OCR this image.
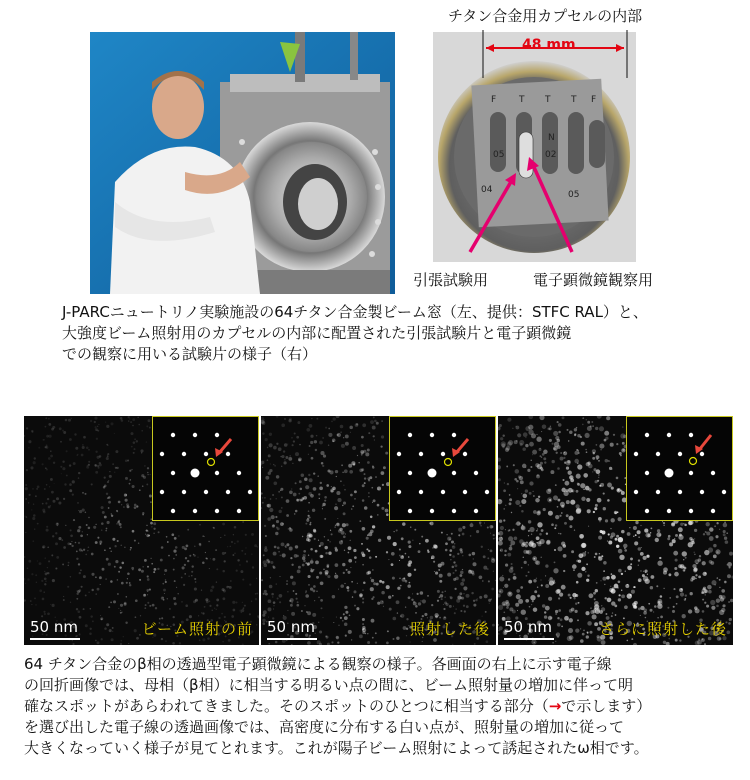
F	T T T F
05	02
04	05
N
チタン合金用カプセルの内部
48 mm
引張試験用	電子顕微鏡観察用
J-PARCニュートリノ実験施設の64チタン合金製ビーム窓（左、提供：STFC RAL）と、
大強度ビーム照射用のカプセルの内部に配置された引張試験片と電子顕微鏡
での観察に用いる試験片の様子（右）
50 nm	ビーム照射の前 50 nm	照射した後 50 nm	さらに照射した後
64 チタン合金のβ相の透過型電子顕微鏡による観察の様子。各画面の右上に示す電子線
の回折画像では、母相（β相）に相当する明るい点の間に、ビーム照射量の増加に伴って明
確なスポットがあらわれてきました。そのスポットのひとつに相当する部分（→で示します）
を選び出した電子線の透過画像では、高密度に分布する白い点が、照射量の増加に従って
大きくなっていく様子が見てとれます。これが陽子ビーム照射によって誘起されたω相です。
